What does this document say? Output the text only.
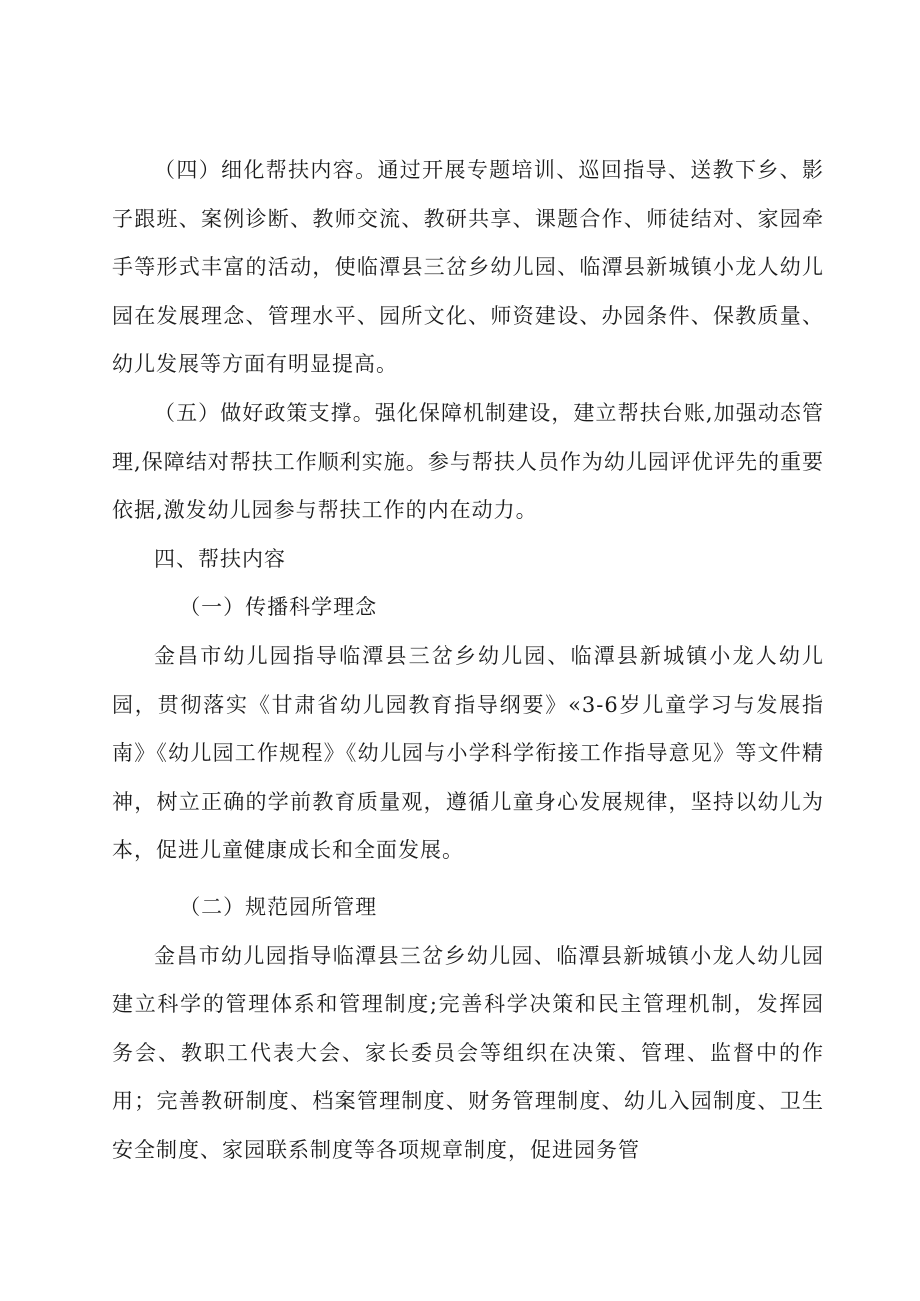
（四）细化帮扶内容。通过开展专题培训、巡回指导、送教下乡、影子跟班、案例诊断、教师交流、教研共享、课题合作、师徒结对、家园牵手等形式丰富的活动，使临潭县三岔乡幼儿园、临潭县新城镇小龙人幼儿园在发展理念、管理水平、园所文化、师资建设、办园条件、保教质量、幼儿发展等方面有明显提高。

（五）做好政策支撑。强化保障机制建设，建立帮扶台账,加强动态管理,保障结对帮扶工作顺利实施。参与帮扶人员作为幼儿园评优评先的重要依据,激发幼儿园参与帮扶工作的内在动力。

四、帮扶内容

（一）传播科学理念

金昌市幼儿园指导临潭县三岔乡幼儿园、临潭县新城镇小龙人幼儿园，贯彻落实《甘肃省幼儿园教育指导纲要》«3-6岁儿童学习与发展指南》《幼儿园工作规程》《幼儿园与小学科学衔接工作指导意见》等文件精神，树立正确的学前教育质量观，遵循儿童身心发展规律，坚持以幼儿为本，促进儿童健康成长和全面发展。

（二）规范园所管理

金昌市幼儿园指导临潭县三岔乡幼儿园、临潭县新城镇小龙人幼儿园建立科学的管理体系和管理制度;完善科学决策和民主管理机制，发挥园务会、教职工代表大会、家长委员会等组织在决策、管理、监督中的作用；完善教研制度、档案管理制度、财务管理制度、幼儿入园制度、卫生安全制度、家园联系制度等各项规章制度，促进园务管
